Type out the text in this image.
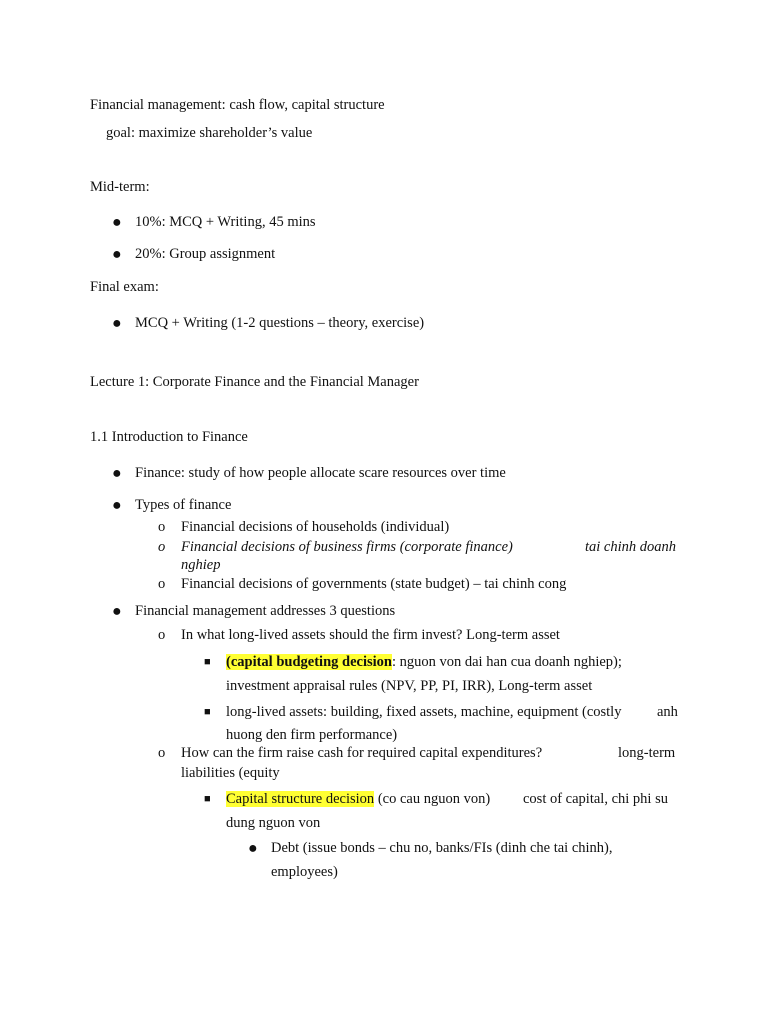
Financial management: cash flow, capital structure
goal: maximize shareholder’s value
Mid-term:
● 10%: MCQ + Writing, 45 mins
● 20%: Group assignment
Final exam:
● MCQ + Writing (1-2 questions – theory, exercise)
Lecture 1: Corporate Finance and the Financial Manager
1.1 Introduction to Finance
● Finance: study of how people allocate scare resources over time
● Types of finance
o Financial decisions of households (individual)
o Financial decisions of business firms (corporate finance)	tai chinh doanh
nghiep
o Financial decisions of governments (state budget) – tai chinh cong
● Financial management addresses 3 questions
o In what long-lived assets should the firm invest? Long-term asset
■ (capital budgeting decision: nguon von dai han cua doanh nghiep);
investment appraisal rules (NPV, PP, PI, IRR), Long-term asset
■ long-lived assets: building, fixed assets, machine, equipment (costly anh
huong den firm performance)
o How can the firm raise cash for required capital expenditures?	long-term
liabilities (equity
■ Capital structure decision (co cau nguon von) cost of capital, chi phi su
dung nguon von
● Debt (issue bonds – chu no, banks/FIs (dinh che tai chinh),
employees)
